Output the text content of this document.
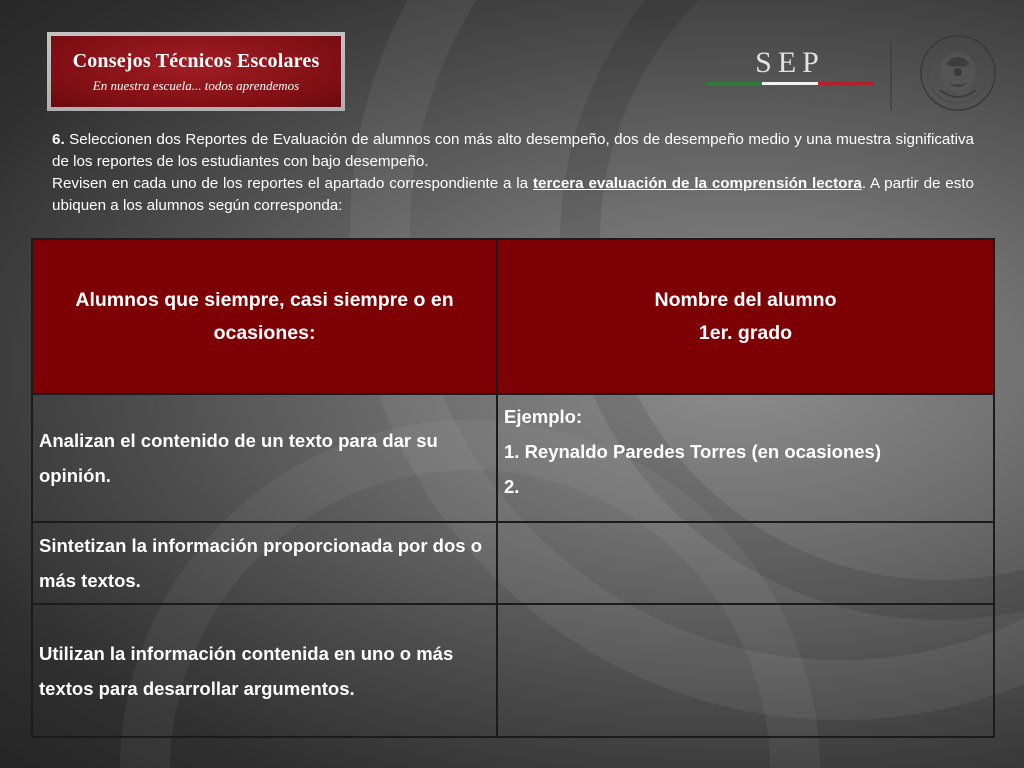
Consejos Técnicos Escolares
En nuestra escuela... todos aprendemos
SEP
SECRETARÍA DE
EDUCACIÓN PÚBLICA

6. Seleccionen dos Reportes de Evaluación de alumnos con más alto desempeño, dos de desempeño medio y una muestra significativa de los reportes de los estudiantes con bajo desempeño.

Revisen en cada uno de los reportes el apartado correspondiente a la tercera evaluación de la comprensión lectora. A partir de esto ubiquen a los alumnos según corresponda:

Alumnos que siempre, casi siempre o en
ocasiones:	Nombre del alumno
1er. grado

Analizan el contenido de un texto para dar su opinión.	Ejemplo:
1. Reynaldo Paredes Torres (en ocasiones)
2.

Sintetizan la información proporcionada por dos o más textos.	
Utilizan la información contenida en uno o más textos para desarrollar argumentos.	
